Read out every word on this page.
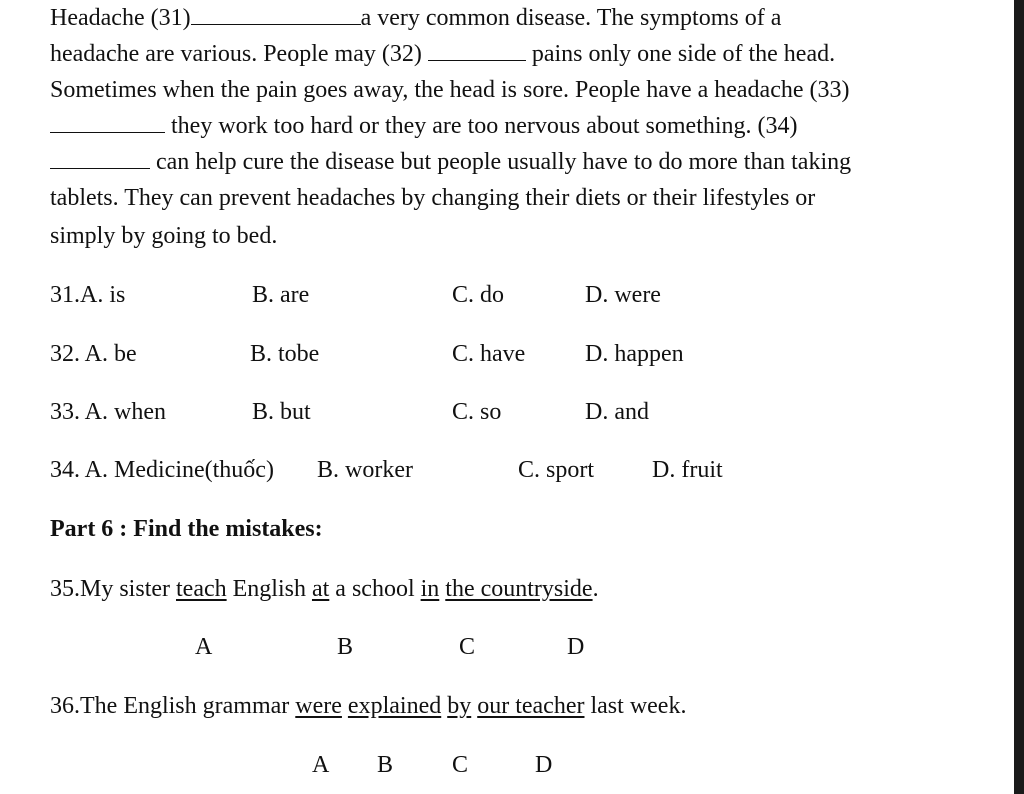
Headache (31)	a very common disease. The symptoms of a
headache are various. People may (32)	pains only one side of the head.
Sometimes when the pain goes away, the head is sore. People have a headache (33)
they work too hard or they are too nervous about something. (34)
can help cure the disease but people usually have to do more than taking
tablets. They can prevent headaches by changing their diets or their lifestyles or
simply by going to bed.
31.A. is	B. are	C. do	D. were
32. A. be	B. tobe	C. have D. happen
33. A. when	B. but	C. so	D. and
34. A. Medicine(thuốc) B. worker	C. sport D. fruit
Part 6 : Find the mistakes:
35.My sister teach English at a school in the countryside.
A	B	C	D
36.The English grammar were explained by our teacher last week.
A B C	D
